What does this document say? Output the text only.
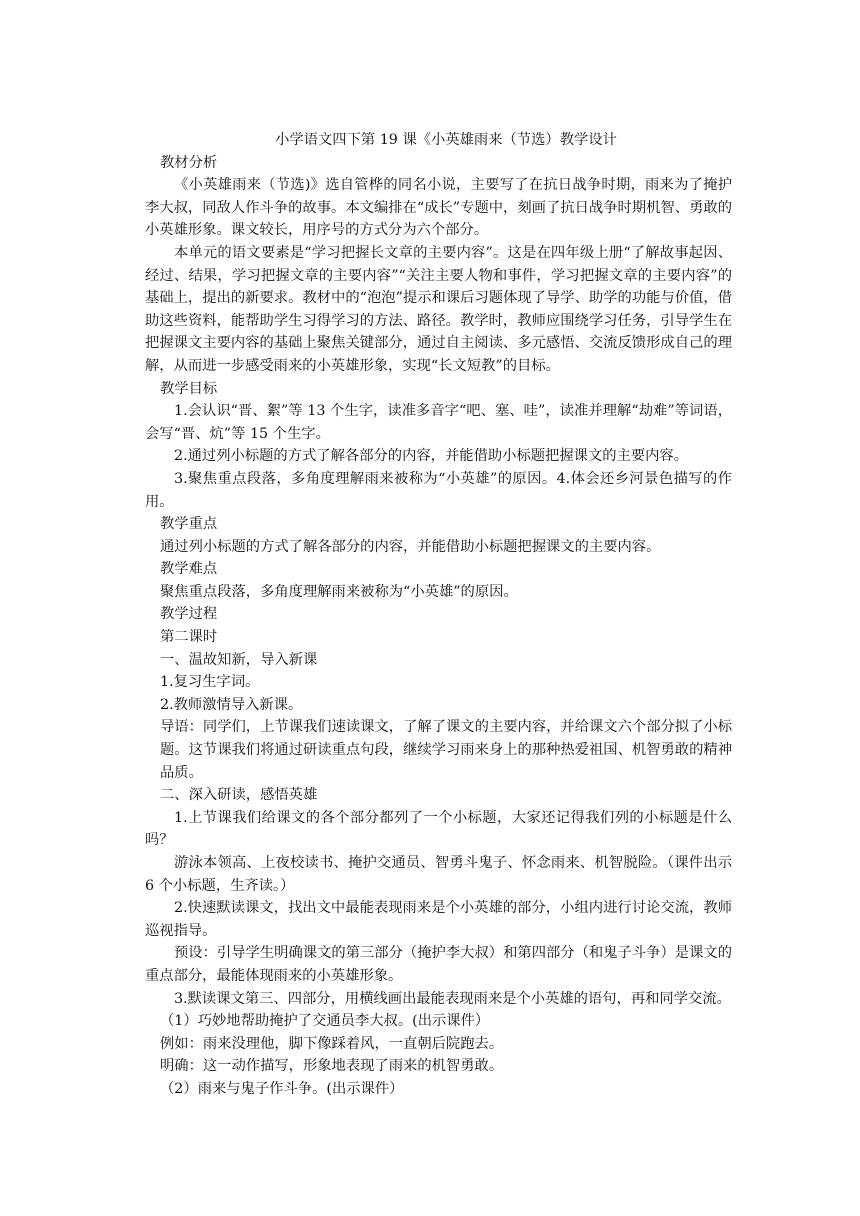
小学语文四下第 19 课《小英雄雨来（节选）教学设计

教材分析

《小英雄雨来（节选)》选自管桦的同名小说，主要写了在抗日战争时期，雨来为了掩护李大叔，同敌人作斗争的故事。本文编排在“成长”专题中，刻画了抗日战争时期机智、勇敢的小英雄形象。课文较长，用序号的方式分为六个部分。

本单元的语文要素是“学习把握长文章的主要内容”。这是在四年级上册“了解故事起因、经过、结果，学习把握文章的主要内容”“关注主要人物和事件，学习把握文章的主要内容”的基础上，提出的新要求。教材中的“泡泡”提示和课后习题体现了导学、助学的功能与价值，借助这些资料，能帮助学生习得学习的方法、路径。教学时，教师应围绕学习任务，引导学生在把握课文主要内容的基础上聚焦关键部分，通过自主阅读、多元感悟、交流反馈形成自己的理解，从而进一步感受雨来的小英雄形象，实现“长文短教”的目标。

教学目标

1.会认识“晋、絮”等 13 个生字，读准多音字“吧、塞、哇”，读准并理解“劫难”等词语，会写“晋、炕”等 15 个生字。

2.通过列小标题的方式了解各部分的内容，并能借助小标题把握课文的主要内容。

3.聚焦重点段落，多角度理解雨来被称为“小英雄”的原因。4.体会还乡河景色描写的作用。

教学重点

通过列小标题的方式了解各部分的内容，并能借助小标题把握课文的主要内容。

教学难点

聚焦重点段落，多角度理解雨来被称为“小英雄”的原因。

教学过程

第二课时

一、温故知新，导入新课

1.复习生字词。

2.教师激情导入新课。

导语：同学们，上节课我们速读课文，了解了课文的主要内容，并给课文六个部分拟了小标题。这节课我们将通过研读重点句段，继续学习雨来身上的那种热爱祖国、机智勇敢的精神品质。

二、深入研读，感悟英雄

1.上节课我们给课文的各个部分都列了一个小标题，大家还记得我们列的小标题是什么吗？

游泳本领高、上夜校读书、掩护交通员、智勇斗鬼子、怀念雨来、机智脱险。（课件出示 6 个小标题，生齐读。）

2.快速默读课文，找出文中最能表现雨来是个小英雄的部分，小组内进行讨论交流，教师巡视指导。

预设：引导学生明确课文的第三部分（掩护李大叔）和第四部分（和鬼子斗争）是课文的重点部分，最能体现雨来的小英雄形象。

3.默读课文第三、四部分，用横线画出最能表现雨来是个小英雄的语句，再和同学交流。

（1）巧妙地帮助掩护了交通员李大叔。(出示课件）

例如：雨来没理他，脚下像踩着风，一直朝后院跑去。

明确：这一动作描写，形象地表现了雨来的机智勇敢。

（2）雨来与鬼子作斗争。(出示课件）
